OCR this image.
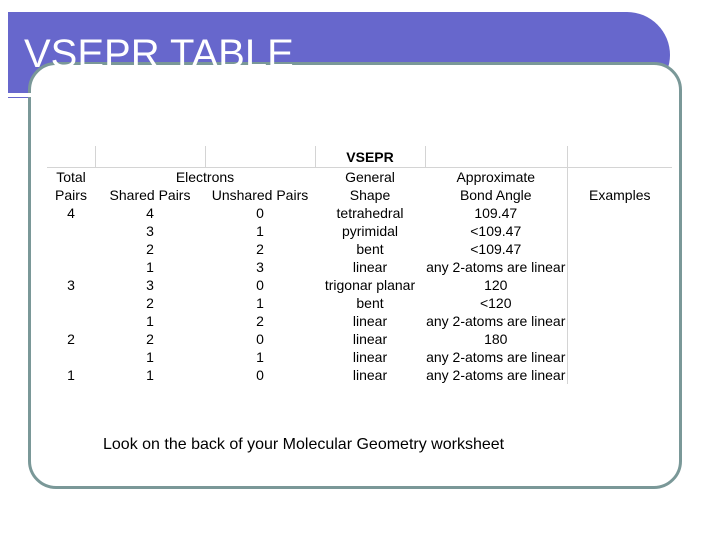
VSEPR TABLE
			VSEPR		
Total	Electrons		General	Approximate	
Pairs	Shared Pairs	Unshared Pairs	Shape	Bond Angle	Examples
4	4	0	tetrahedral	109.47	
	3	1	pyrimidal	<109.47	
	2	2	bent	<109.47	
	1	3	linear	any 2-atoms are linear	
3	3	0	trigonar planar	120	
	2	1	bent	<120	
	1	2	linear	any 2-atoms are linear	
2	2	0	linear	180	
	1	1	linear	any 2-atoms are linear	
1	1	0	linear	any 2-atoms are linear	

Look on the back of your Molecular Geometry worksheet
